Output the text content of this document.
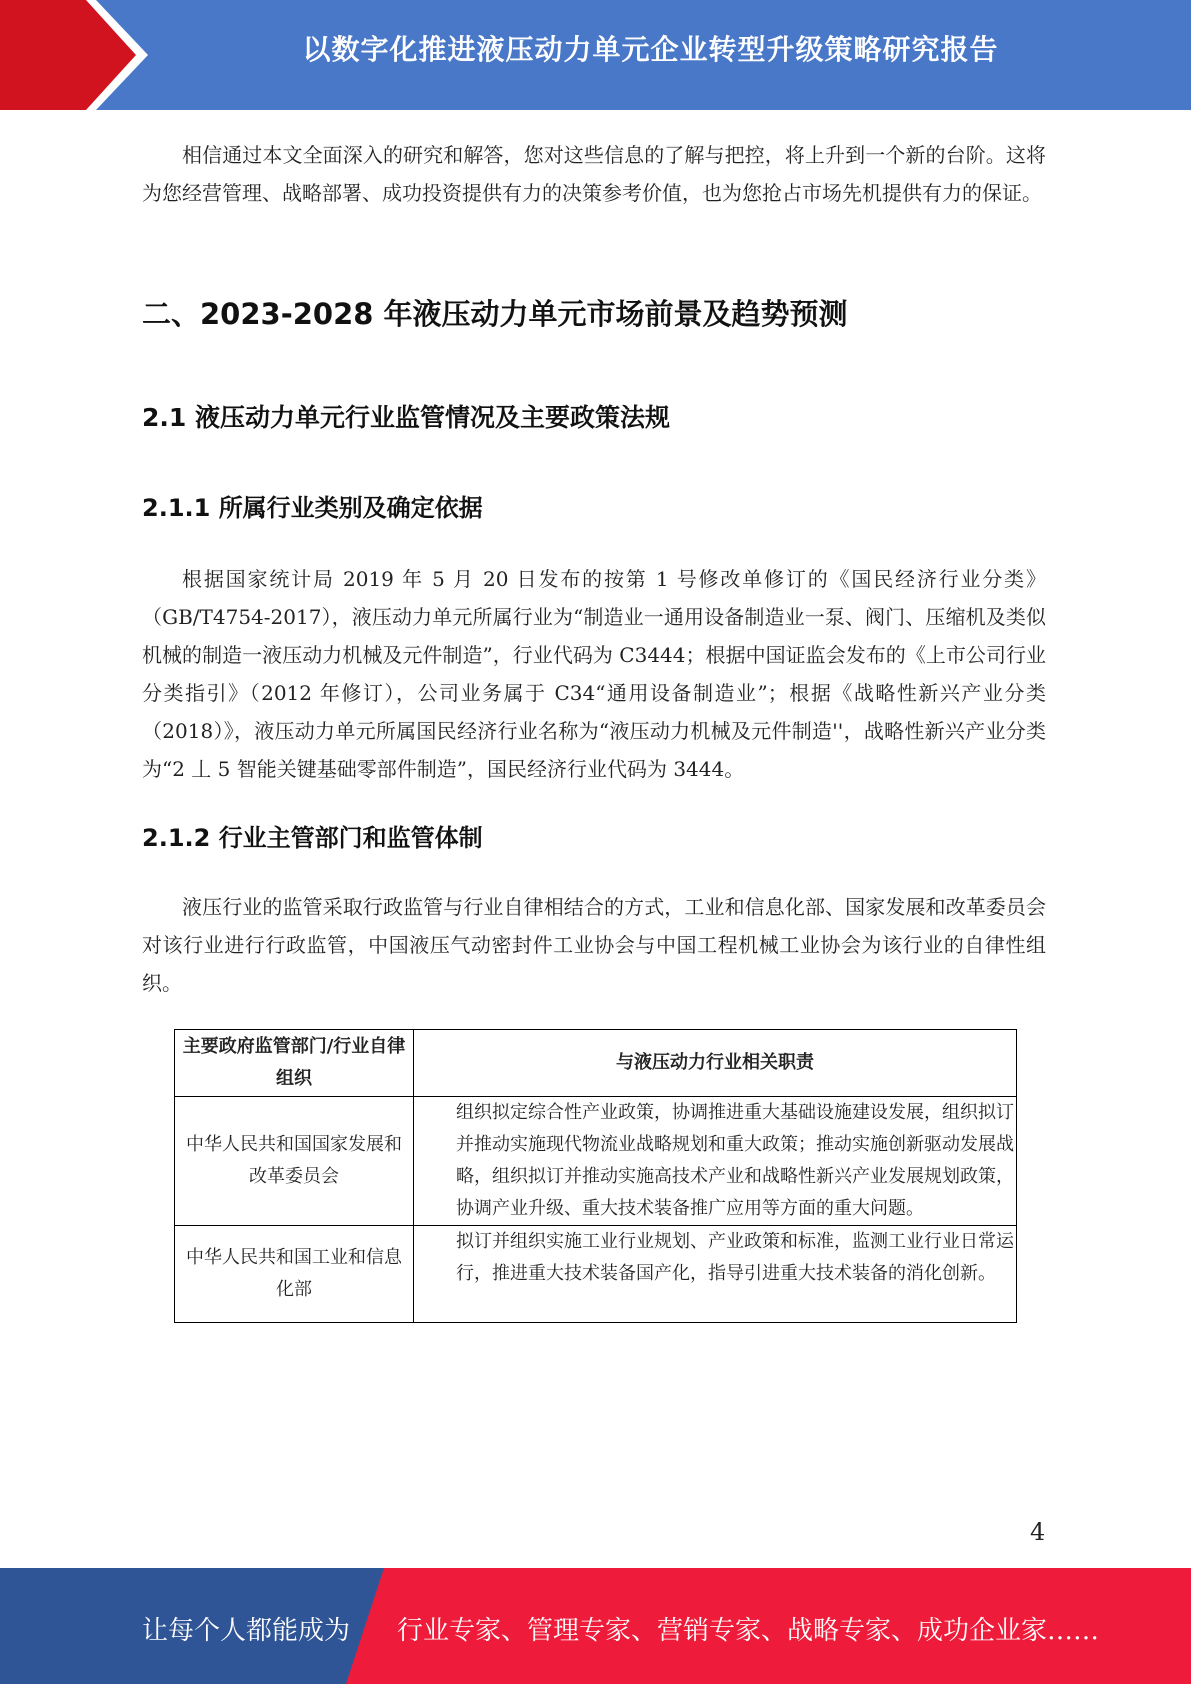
以数字化推进液压动力单元企业转型升级策略研究报告

相信通过本文全面深入的研究和解答，您对这些信息的了解与把控，将上升到一个新的台阶。这将为您经营管理、战略部署、成功投资提供有力的决策参考价值，也为您抢占市场先机提供有力的保证。

二、2023-2028 年液压动力单元市场前景及趋势预测
2.1 液压动力单元行业监管情况及主要政策法规
2.1.1 所属行业类别及确定依据

根据国家统计局 2019 年 5 月 20 日发布的按第 1 号修改单修订的《国民经济行业分类》（GB/T4754-2017），液压动力单元所属行业为“制造业一通用设备制造业一泵、阀门、压缩机及类似机械的制造一液压动力机械及元件制造”，行业代码为 C3444；根据中国证监会发布的《上市公司行业分类指引》（2012 年修订），公司业务属于 C34“通用设备制造业”；根据《战略性新兴产业分类（2018）》，液压动力单元所属国民经济行业名称为“液压动力机械及元件制造''，战略性新兴产业分类为“2 丄 5 智能关键基础零部件制造”，国民经济行业代码为 3444。

2.1.2 行业主管部门和监管体制

液压行业的监管采取行政监管与行业自律相结合的方式，工业和信息化部、国家发展和改革委员会对该行业进行行政监管，中国液压气动密封件工业协会与中国工程机械工业协会为该行业的自律性组织。

主要政府监管部门/行业自律组织	与液压动力行业相关职责
中华人民共和国国家发展和改革委员会	组织拟定综合性产业政策，协调推进重大基础设施建设发展，组织拟订并推动实施现代物流业战略规划和重大政策；推动实施创新驱动发展战略，组织拟订并推动实施高技术产业和战略性新兴产业发展规划政策，协调产业升级、重大技术装备推广应用等方面的重大问题。
中华人民共和国工业和信息化部	拟订并组织实施工业行业规划、产业政策和标准，监测工业行业日常运行，推进重大技术装备国产化，指导引进重大技术装备的消化创新。
4
让每个人都能成为 行业专家、管理专家、营销专家、战略专家、成功企业家……
